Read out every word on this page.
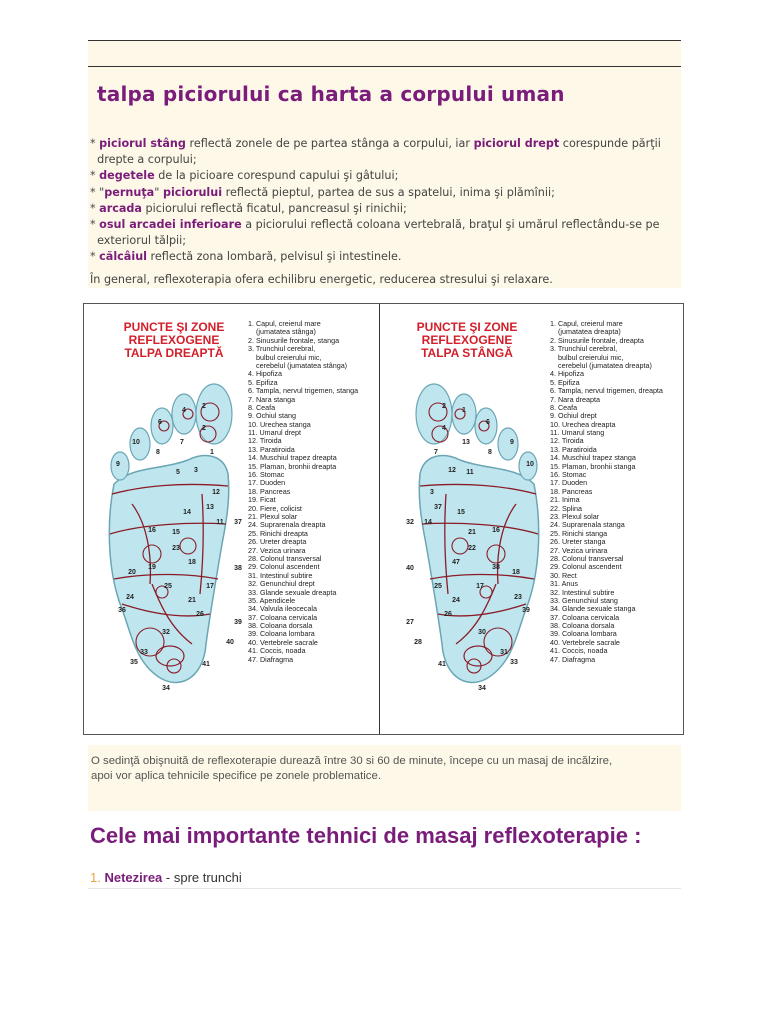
talpa piciorului ca harta a corpului uman
* piciorul stâng reflectă zonele de pe partea stânga a corpului, iar piciorul drept corespunde părţii
drepte a corpului;
* degetele de la picioare corespund capului şi gâtului;
* "pernuţa" piciorului reflectă pieptul, partea de sus a spatelui, inima şi plămînii;
* arcada piciorului reflectă ficatul, pancreasul şi rinichii;
* osul arcadei inferioare a piciorului reflectă coloana vertebrală, braţul şi umărul reflectându-se pe
exteriorul tălpii;
* călcâiul reflectă zona lombară, pelvisul şi intestinele.
În general, reflexoterapia ofera echilibru energetic, reducerea stresului şi relaxare.
PUNCTE ŞI ZONE
REFLEXOGENE
TALPA DREAPTĂ
2
2
4
6
10
9
8
7
1
3
5
12
13
11
14
15
16
23
18
19
20
25	17
24	21
36
26
37
38
39
40
32
33
35	41
34
1. Capul, creierul mare
(jumatatea stânga)
2. Sinusurile frontale, stanga
3. Trunchiul cerebral,
bulbul creierului mic,
cerebelul (jumatatea stânga)
4. Hipofiza
5. Epifiza
6. Tampla, nervul trigemen, stanga
7. Nara stanga
8. Ceafa
9. Ochiul stang
10. Urechea stanga
11. Umarul drept
12. Tiroida
13. Paratiroida
14. Muschiul trapez dreapta
15. Plaman, bronhii dreapta
16. Stomac
17. Duoden
18. Pancreas
19. Ficat
20. Fiere, colicist
21. Plexul solar
24. Suprarenala dreapta
25. Rinichi dreapta
26. Ureter dreapta
27. Vezica urinara
28. Colonul transversal
29. Colonul ascendent
31. Intestinul subtire
32. Genunchiul drept
33. Glande sexuale dreapta
35. Apendicele
34. Valvula ileocecala
37. Coloana cervicala
38. Coloana dorsala
39. Coloana lombara
40. Vertebrele sacrale
41. Coccis, noada
47. Diafragma
PUNCTE ŞI ZONE
REFLEXOGENE
TALPA STÂNGĂ
2
4
1
6
9
10
8
13
7
12 11
3
37
14
15
21 16
22
47
38
18
17
25
23
24
39
26
32
40
27
28
30
31
33
41
34
1. Capul, creierul mare
(jumatatea dreapta)
2. Sinusurile frontale, dreapta
3. Trunchiul cerebral,
bulbul creierului mic,
cerebelul (jumatatea dreapta)
4. Hipofiza
5. Epifiza
6. Tampla, nervul trigemen, dreapta
7. Nara dreapta
8. Ceafa
9. Ochiul drept
10. Urechea dreapta
11. Umarul stang
12. Tiroida
13. Paratiroida
14. Muschiul trapez stanga
15. Plaman, bronhii stanga
16. Stomac
17. Duoden
18. Pancreas
21. Inima
22. Splina
23. Plexul solar
24. Suprarenala stanga
25. Rinichi stanga
26. Ureter stanga
27. Vezica urinara
28. Colonul transversal
29. Colonul ascendent
30. Rect
31. Anus
32. Intestinul subtire
33. Genunchiul stang
34. Glande sexuale stanga
37. Coloana cervicala
38. Coloana dorsala
39. Coloana lombara
40. Vertebrele sacrale
41. Coccis, noada
47. Diafragma
O sedinţă obişnuită de reflexoterapie durează între 30 si 60 de minute, începe cu un masaj de incălzire,
apoi vor aplica tehnicile specifice pe zonele problematice.
Cele mai importante tehnici de masaj reflexoterapie :
1. Netezirea - spre trunchi
